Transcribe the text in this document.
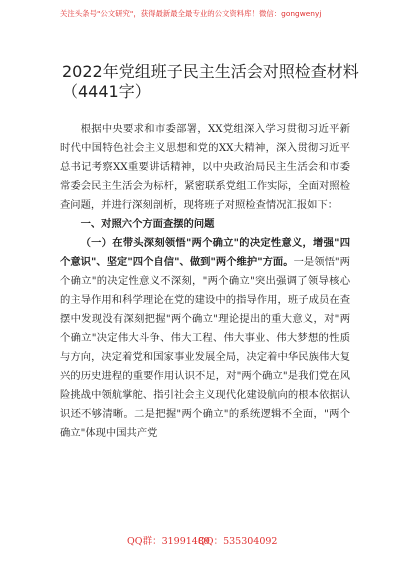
关注头条号"公文研究"，获得最新最全最专业的公文资料库！微信：gongwenyj
2022年党组班子民主生活会对照检查材料
（4441字）

根据中央要求和市委部署，XX党组深入学习贯彻习近平新时代中国特色社会主义思想和党的XX大精神，深入贯彻习近平总书记考察XX重要讲话精神，以中央政治局民主生活会和市委常委会民主生活会为标杆，紧密联系党组工作实际，全面对照检查问题，并进行深刻剖析，现将班子对照检查情况汇报如下：

一、对照六个方面查摆的问题

（一）在带头深刻领悟"两个确立"的决定性意义，增强"四个意识"、坚定"四个自信"、做到"两个维护"方面。一是领悟"两个确立"的决定性意义不深刻，"两个确立"突出强调了领导核心的主导作用和科学理论在党的建设中的指导作用，班子成员在查摆中发现没有深刻把握"两个确立"理论提出的重大意义，对"两个确立"决定伟大斗争、伟大工程、伟大事业、伟大梦想的性质与方向，决定着党和国家事业发展全局，决定着中华民族伟大复兴的历史进程的重要作用认识不足，对"两个确立"是我们党在风险挑战中领航掌舵、指引社会主义现代化建设航向的根本依据认识还不够清晰。二是把握"两个确立"的系统逻辑不全面，"两个确立"体现中国共产党

QQ群：31991489
QQ：535304092
